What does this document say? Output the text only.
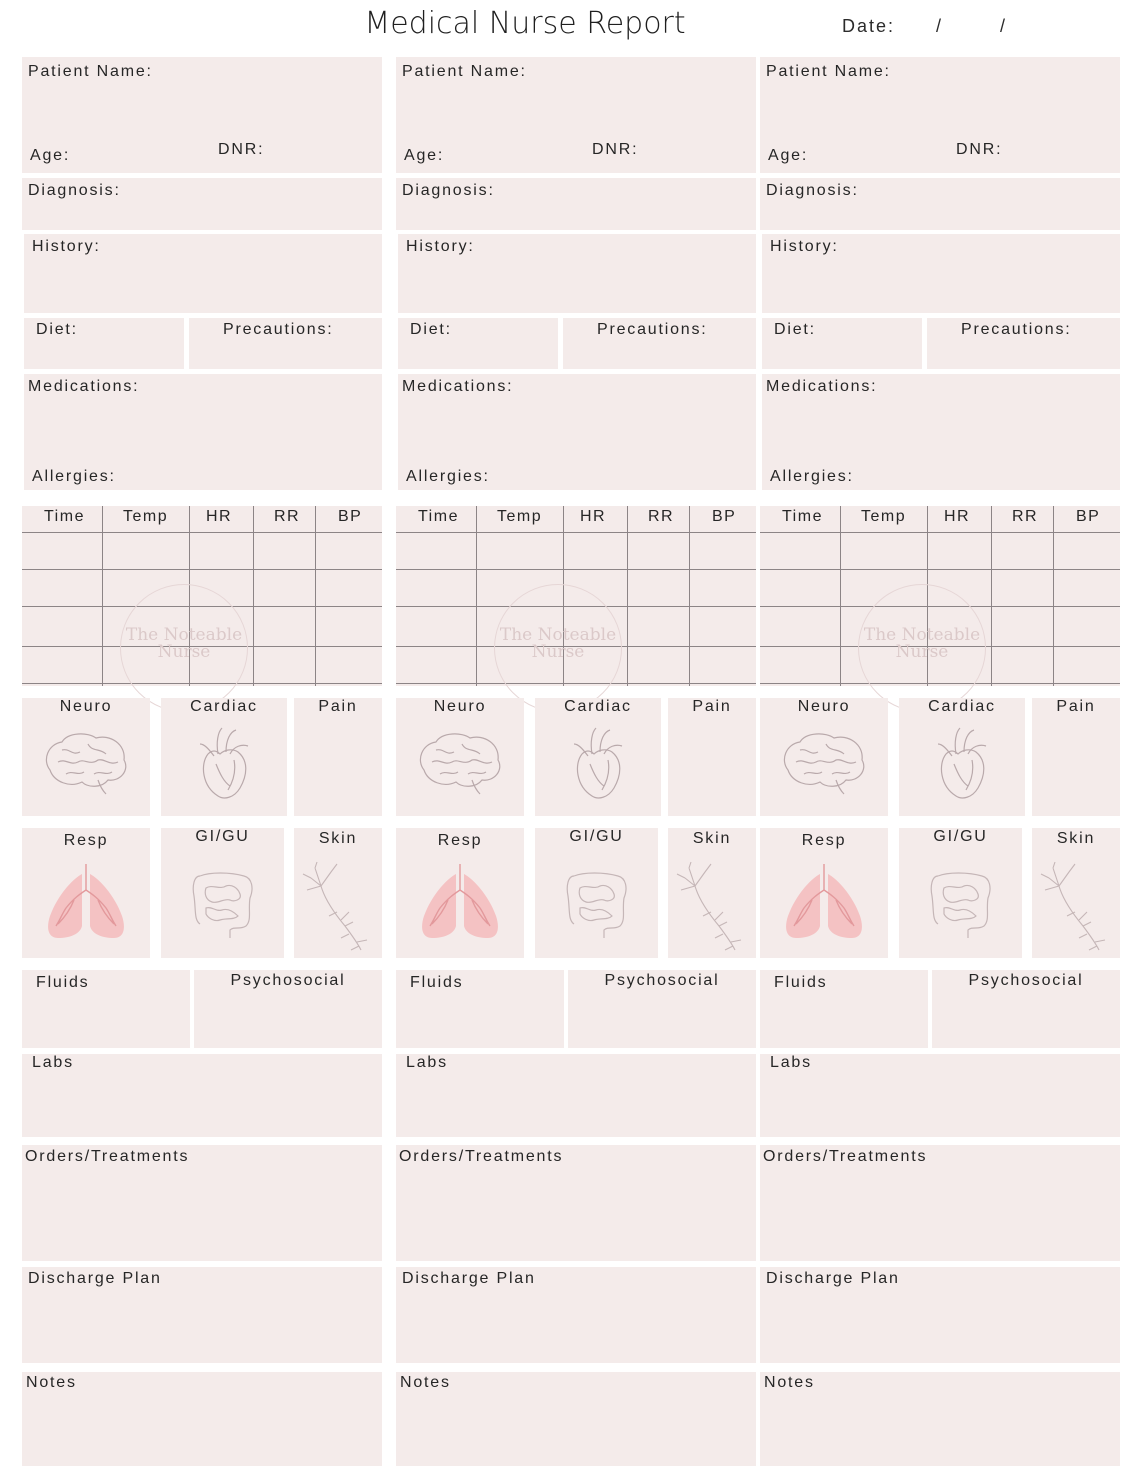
Medical Nurse Report	Date: /	/
Patient Name:
Age:	DNR:
Diagnosis:
History:
Diet:	Precautions:
Medications:
Allergies:
Time Temp HR	RR BP
The Noteable
Nurse
Neuro	Cardiac	Pain
Resp	GI/GU	Skin
Fluids	Psychosocial
Labs
Orders/Treatments
Discharge Plan
Notes
Patient Name:
Age:	DNR:
Diagnosis:
History:
Diet:	Precautions:
Medications:
Allergies:
Time Temp HR	RR BP
The Noteable
Nurse
Neuro	Cardiac	Pain
Resp	GI/GU	Skin
Fluids	Psychosocial
Labs
Orders/Treatments
Discharge Plan
Notes
Patient Name:
Age:	DNR:
Diagnosis:
History:
Diet:	Precautions:
Medications:
Allergies:
Time Temp HR	RR BP
The Noteable
Nurse
Neuro	Cardiac	Pain
Resp	GI/GU	Skin
Fluids	Psychosocial
Labs
Orders/Treatments
Discharge Plan
Notes
